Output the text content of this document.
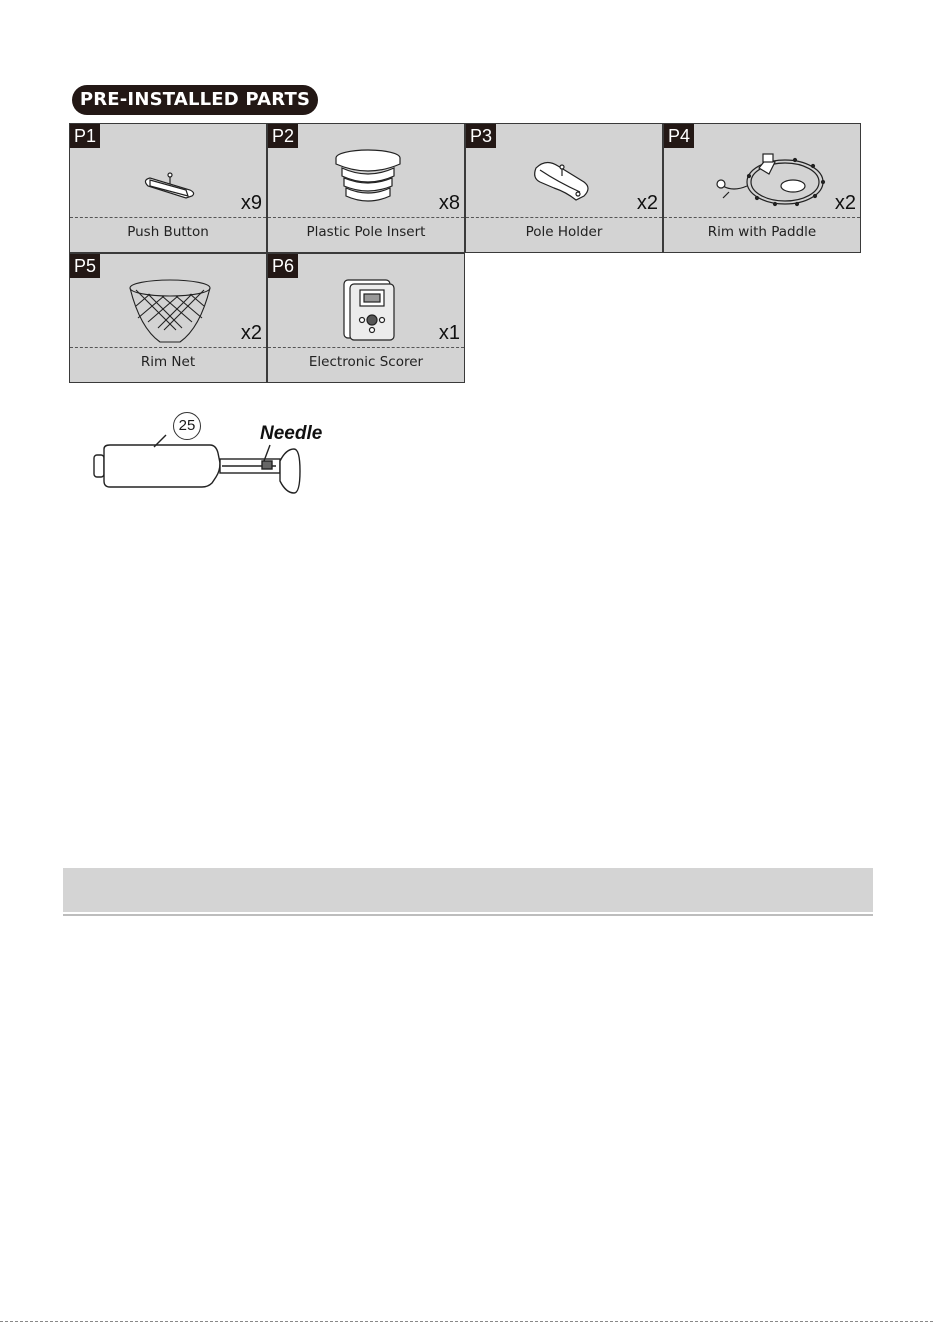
PRE-INSTALLED PARTS
P1
x9
Push Button
P2
x8
Plastic Pole Insert
P3
x2
Pole Holder
P4
x2
Rim with Paddle
P5
x2
Rim Net
P6
x1
Electronic Scorer
25	Needle
